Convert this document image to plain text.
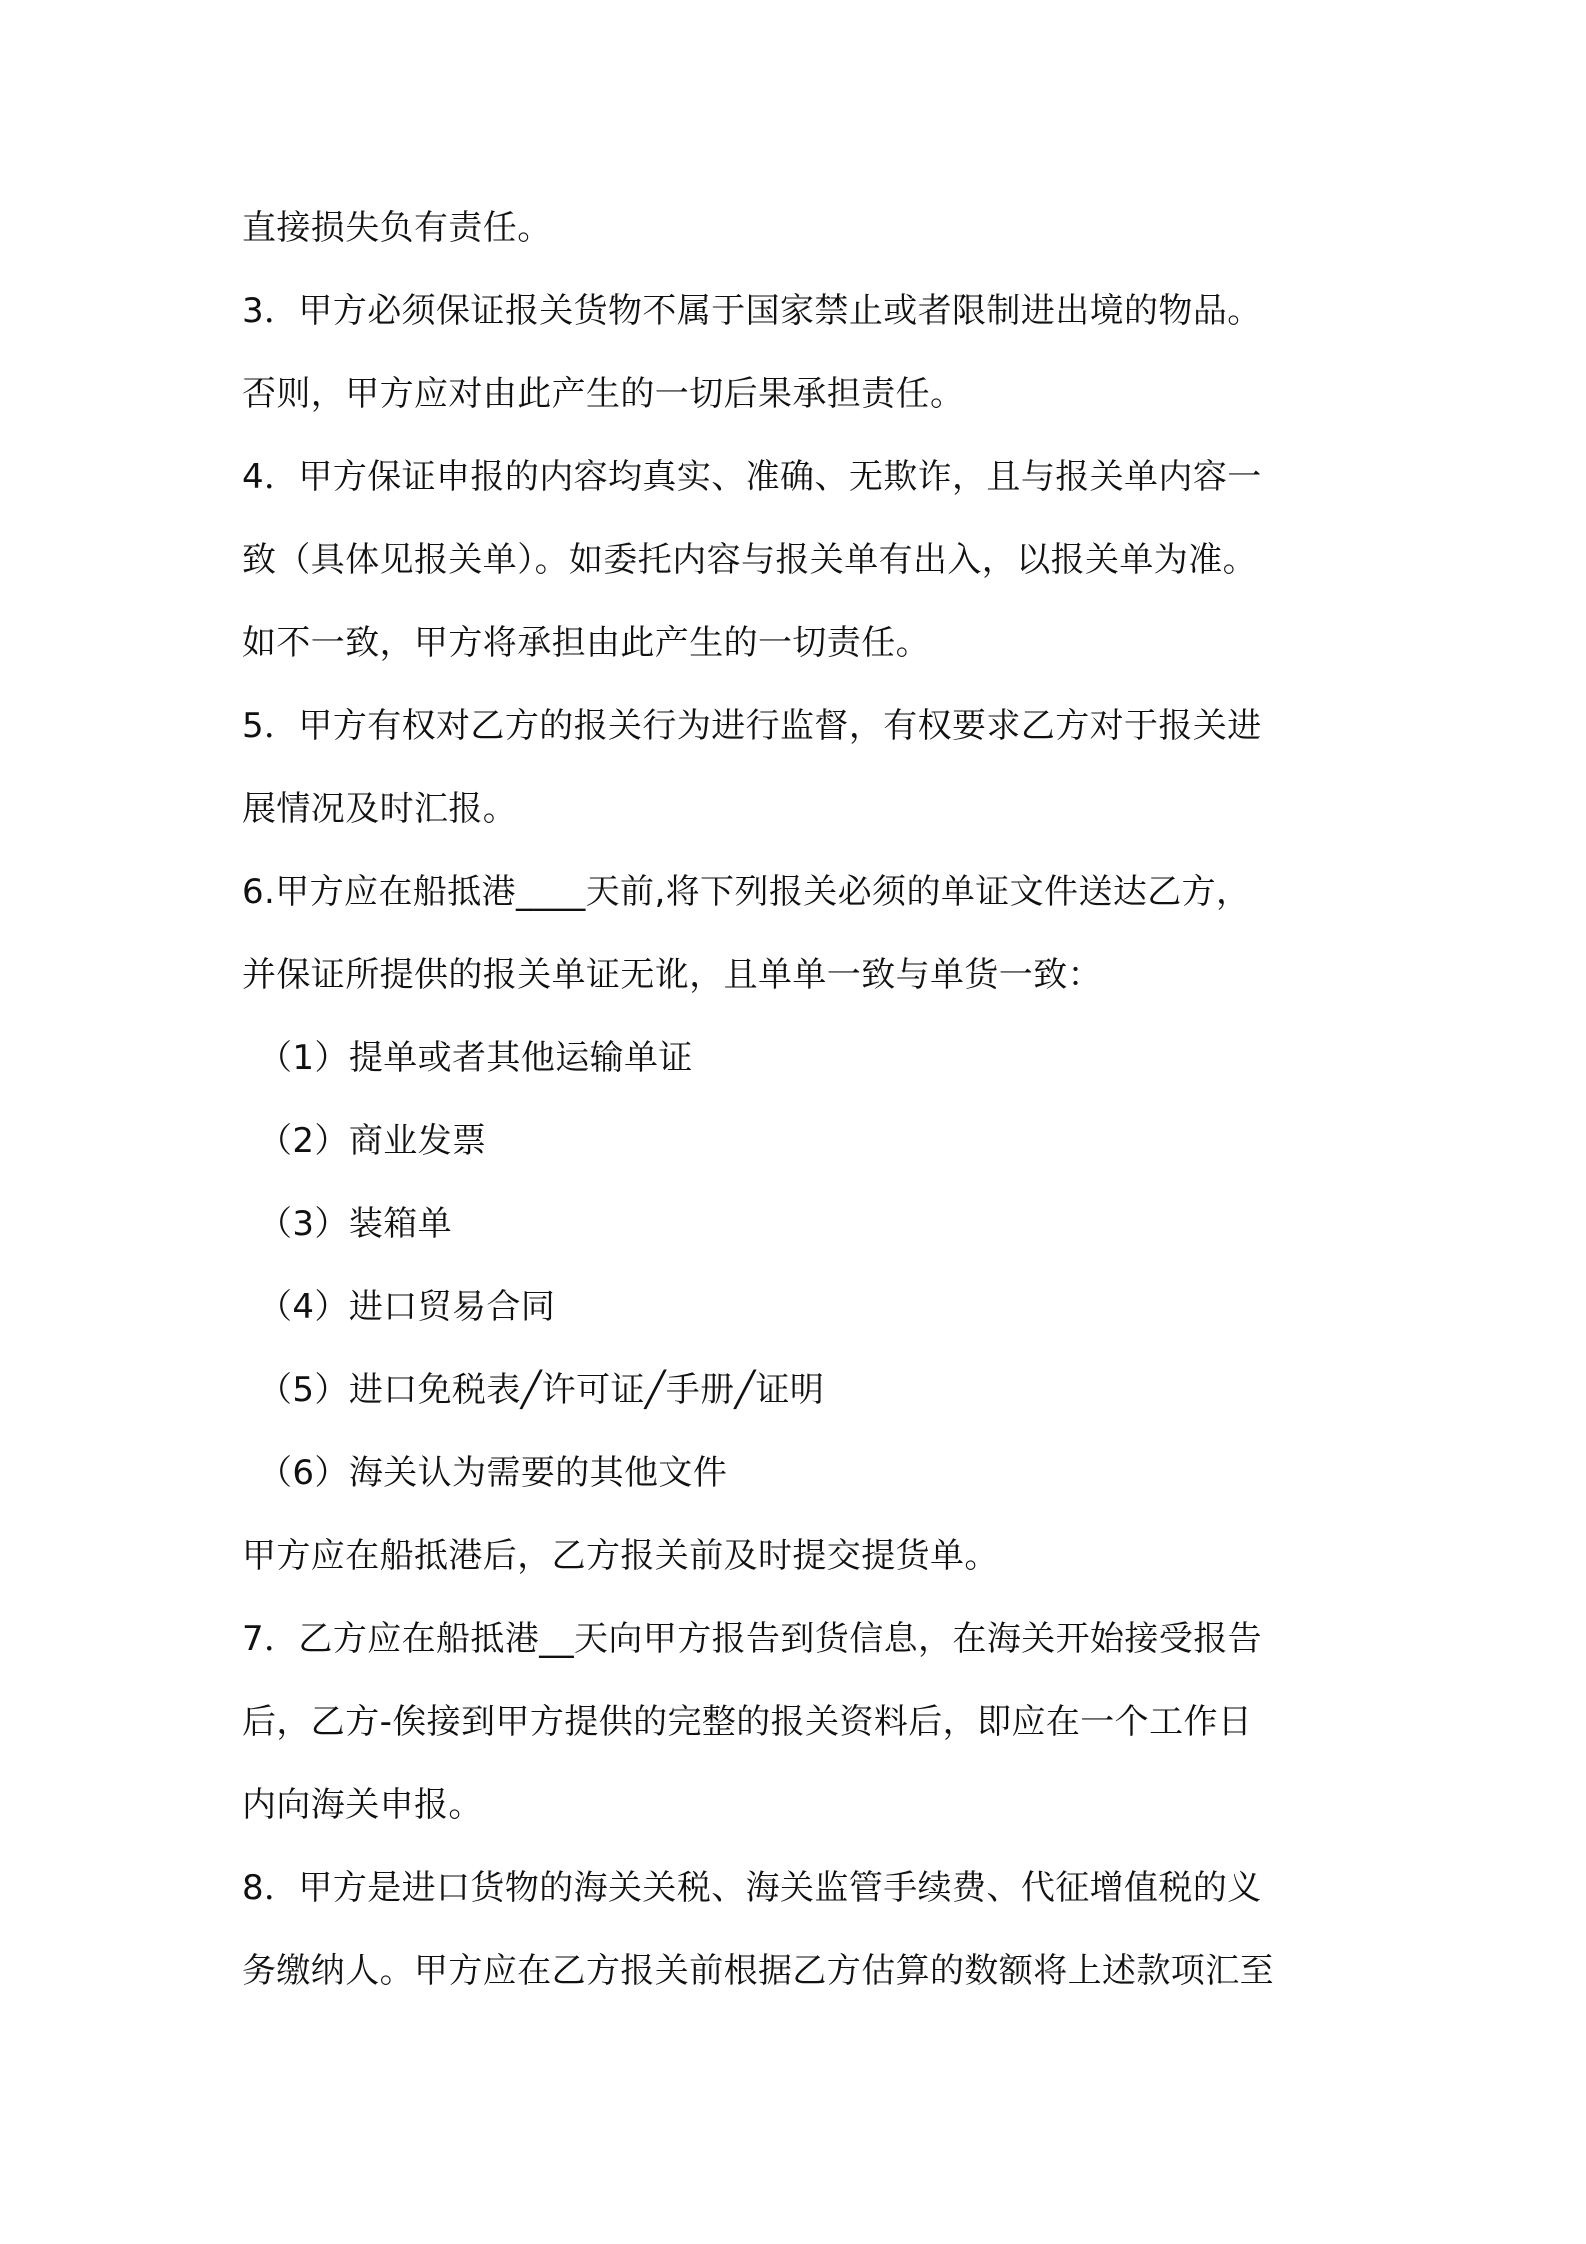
直接损失负有责任。
3．甲方必须保证报关货物不属于国家禁止或者限制进出境的物品。
否则，甲方应对由此产生的一切后果承担责任。
4．甲方保证申报的内容均真实、准确、无欺诈，且与报关单内容一
致（具体见报关单）。如委托内容与报关单有出入，以报关单为准。
如不一致，甲方将承担由此产生的一切责任。
5．甲方有权对乙方的报关行为进行监督，有权要求乙方对于报关进
展情况及时汇报。
6.甲方应在船抵港____天前,将下列报关必须的单证文件送达乙方，
并保证所提供的报关单证无讹，且单单一致与单货一致：
（1）提单或者其他运输单证
（2）商业发票
（3）装箱单
（4）进口贸易合同
（5）进口免税表╱许可证╱手册╱证明
（6）海关认为需要的其他文件
甲方应在船抵港后，乙方报关前及时提交提货单。
7．乙方应在船抵港__天向甲方报告到货信息，在海关开始接受报告
后，乙方-俟接到甲方提供的完整的报关资料后，即应在一个工作日
内向海关申报。
8．甲方是进口货物的海关关税、海关监管手续费、代征增值税的义
务缴纳人。甲方应在乙方报关前根据乙方估算的数额将上述款项汇至
